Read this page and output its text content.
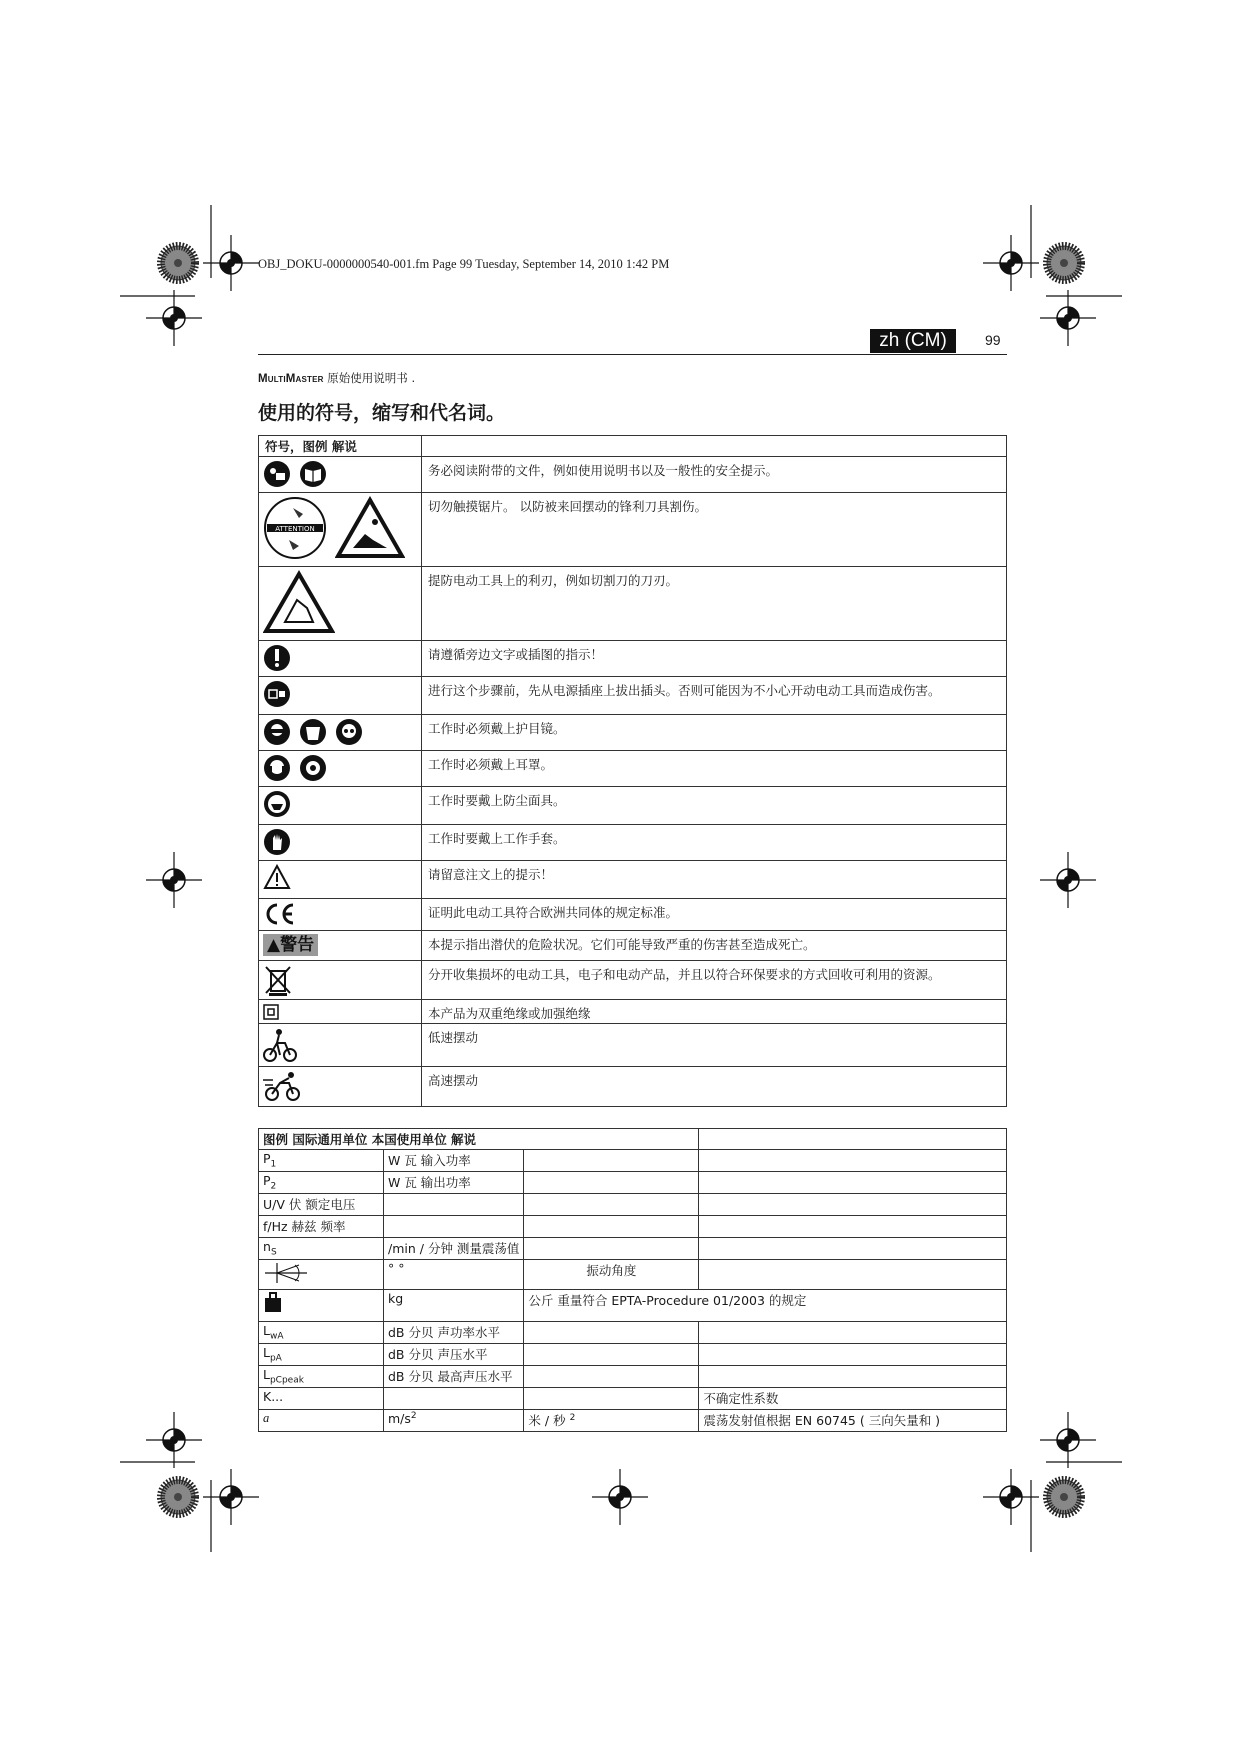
OBJ_DOKU-0000000540-001.fm Page 99 Tuesday, September 14, 2010 1:42 PM
zh (CM)	99
MultiMaster 原始使用说明书 .
使用的符号，缩写和代名词。
符号，图例 解说	
	务必阅读附带的文件，例如使用说明书以及一般性的安全提示。

ATTENTION	切勿触摸锯片。 以防被来回摆动的锋利刀具割伤。
	提防电动工具上的利刃，例如切割刀的刀刃。
	请遵循旁边文字或插图的指示！
	进行这个步骤前，先从电源插座上拔出插头。否则可能因为不小心开动电动工具而造成伤害。
	工作时必须戴上护目镜。
	工作时必须戴上耳罩。
	工作时要戴上防尘面具。
	工作时要戴上工作手套。
	请留意注文上的提示！
	证明此电动工具符合欧洲共同体的规定标准。
▲警告	本提示指出潜伏的危险状况。它们可能导致严重的伤害甚至造成死亡。
	分开收集损坏的电动工具，电子和电动产品，并且以符合环保要求的方式回收可利用的资源。
	本产品为双重绝缘或加强绝缘
	低速摆动
	高速摆动
图例 国际通用单位 本国使用单位 解说			
$P_1$	W 瓦 输入功率		
$P_2$	W 瓦 输出功率		
U/V 伏 额定电压			
f/Hz 赫兹 频率			
$n_S$	/min / 分钟 测量震荡值		
	° °	振动角度	
	kg	公斤 重量符合 EPTA-Procedure 01/2003 的规定	
$L_{wA}$	dB 分贝 声功率水平		
$L_{pA}$	dB 分贝 声压水平		
$L_{pCpeak}$	dB 分贝 最高声压水平		
K...			不确定性系数
a	$m/s^2$	米 / 秒 $^2$	震荡发射值根据 EN 60745 ( 三向矢量和 )
